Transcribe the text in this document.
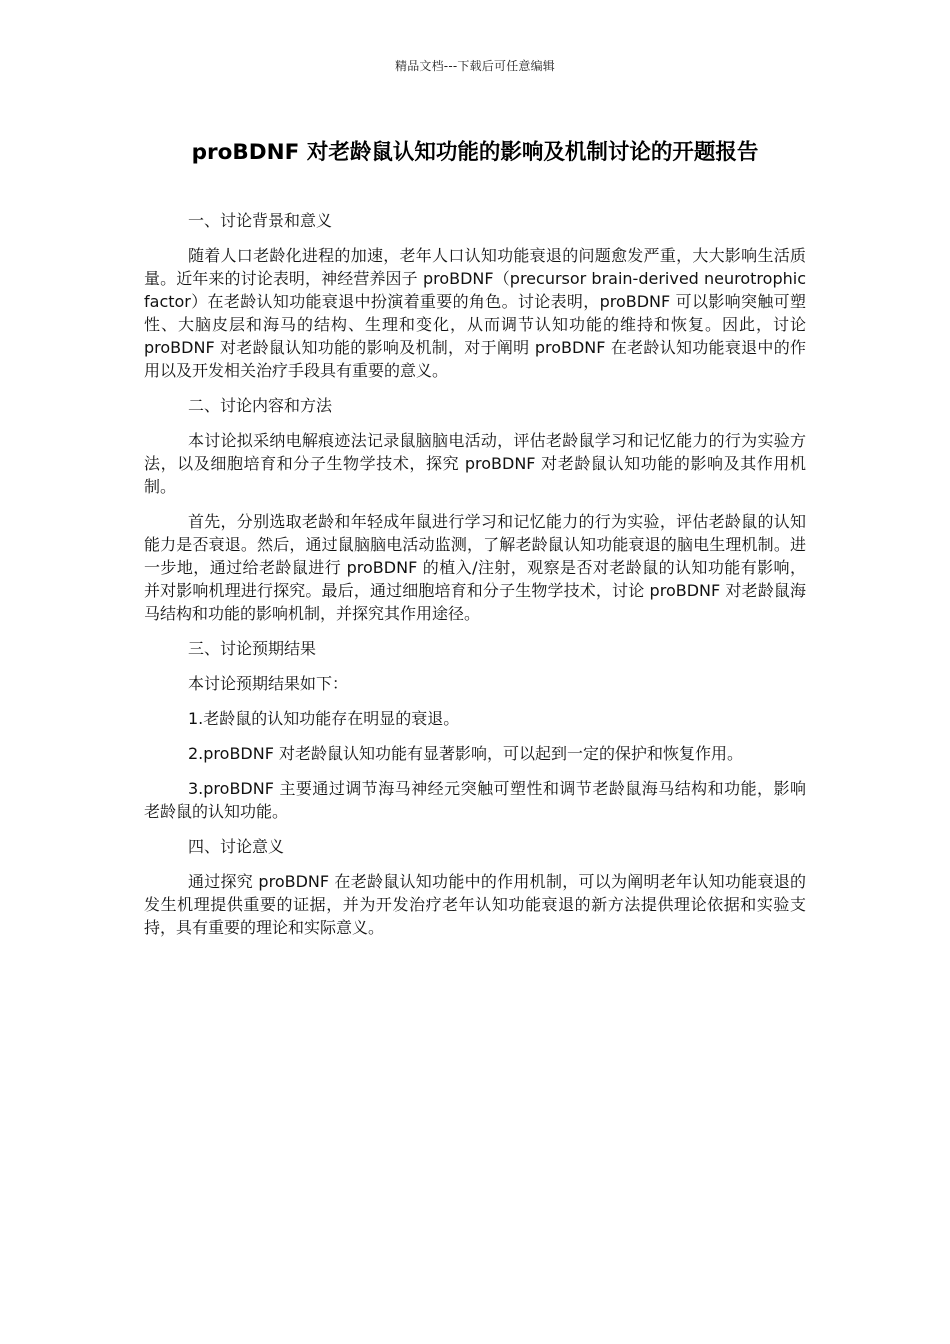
精品文档---下载后可任意编辑
proBDNF 对老龄鼠认知功能的影响及机制讨论的开题报告

一、讨论背景和意义

随着人口老龄化进程的加速，老年人口认知功能衰退的问题愈发严重，大大影响生活质量。近年来的讨论表明，神经营养因子 proBDNF（precursor brain-derived neurotrophic factor）在老龄认知功能衰退中扮演着重要的角色。讨论表明，proBDNF 可以影响突触可塑性、大脑皮层和海马的结构、生理和变化，从而调节认知功能的维持和恢复。因此，讨论 proBDNF 对老龄鼠认知功能的影响及机制，对于阐明 proBDNF 在老龄认知功能衰退中的作用以及开发相关治疗手段具有重要的意义。

二、讨论内容和方法

本讨论拟采纳电解痕迹法记录鼠脑脑电活动，评估老龄鼠学习和记忆能力的行为实验方法，以及细胞培育和分子生物学技术，探究 proBDNF 对老龄鼠认知功能的影响及其作用机制。

首先，分别选取老龄和年轻成年鼠进行学习和记忆能力的行为实验，评估老龄鼠的认知能力是否衰退。然后，通过鼠脑脑电活动监测，了解老龄鼠认知功能衰退的脑电生理机制。进一步地，通过给老龄鼠进行 proBDNF 的植入/注射，观察是否对老龄鼠的认知功能有影响，并对影响机理进行探究。最后，通过细胞培育和分子生物学技术，讨论 proBDNF 对老龄鼠海马结构和功能的影响机制，并探究其作用途径。

三、讨论预期结果

本讨论预期结果如下：

1.老龄鼠的认知功能存在明显的衰退。

2.proBDNF 对老龄鼠认知功能有显著影响，可以起到一定的保护和恢复作用。

3.proBDNF 主要通过调节海马神经元突触可塑性和调节老龄鼠海马结构和功能，影响老龄鼠的认知功能。

四、讨论意义

通过探究 proBDNF 在老龄鼠认知功能中的作用机制，可以为阐明老年认知功能衰退的发生机理提供重要的证据，并为开发治疗老年认知功能衰退的新方法提供理论依据和实验支持，具有重要的理论和实际意义。
